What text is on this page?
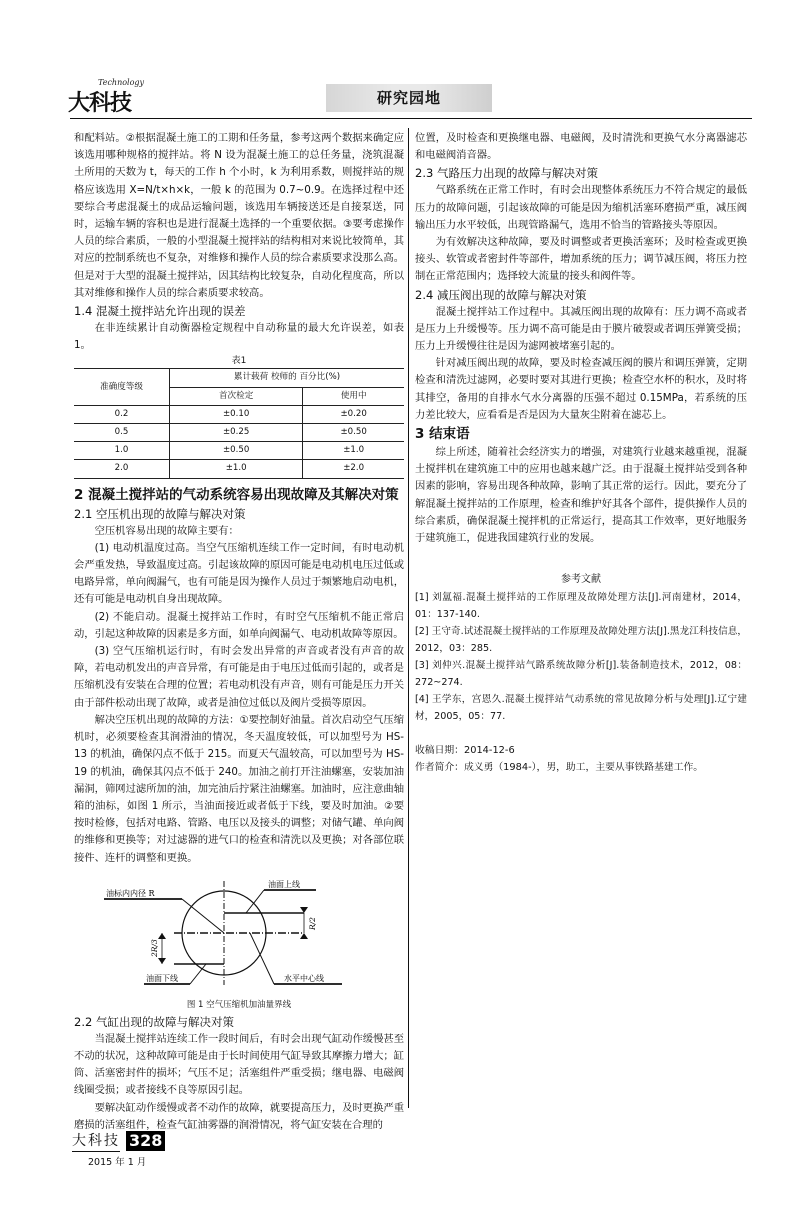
Technology
大科技	研究园地

和配料站。②根据混凝土施工的工期和任务量，参考这两个数据来确定应该选用哪种规格的搅拌站。将 N 设为混凝土施工的总任务量，浇筑混凝土所用的天数为 t，每天的工作 h 个小时，k 为利用系数，则搅拌站的规格应该选用 X=N/t×h×k，一般 k 的范围为 0.7~0.9。在选择过程中还要综合考虑混凝土的成品运输问题，该选用车辆接送还是自接泵送，同时，运输车辆的容积也是进行混凝土选择的一个重要依据。③要考虑操作人员的综合素质，一般的小型混凝土搅拌站的结构相对来说比较简单，其对应的控制系统也不复杂，对维修和操作人员的综合素质要求没那么高。但是对于大型的混凝土搅拌站，因其结构比较复杂，自动化程度高，所以其对维修和操作人员的综合素质要求较高。

1.4 混凝土搅拌站允许出现的误差

在非连续累计自动衡器检定规程中自动称量的最大允许误差，如表1。

表1
准确度等级	累计载荷 校师的 百分比(%)	
	首次检定	使用中
0.2	±0.10	±0.20
0.5	±0.25	±0.50
1.0	±0.50	±1.0
2.0	±1.0	±2.0
2 混凝土搅拌站的气动系统容易出现故障及其解决对策
2.1 空压机出现的故障与解决对策

空压机容易出现的故障主要有：

(1) 电动机温度过高。当空气压缩机连续工作一定时间，有时电动机会严重发热，导致温度过高。引起该故障的原因可能是电动机电压过低或电路异常，单向阀漏气，也有可能是因为操作人员过于频繁地启动电机，还有可能是电动机自身出现故障。

(2) 不能启动。混凝土搅拌站工作时，有时空气压缩机不能正常启动，引起这种故障的因素是多方面，如单向阀漏气、电动机故障等原因。

(3) 空气压缩机运行时，有时会发出异常的声音或者没有声音的故障，若电动机发出的声音异常，有可能是由于电压过低而引起的，或者是压缩机没有安装在合理的位置；若电动机没有声音，则有可能是压力开关由于部件松动出现了故障，或者是油位过低以及阀片受损等原因。

解决空压机出现的故障的方法：①要控制好油量。首次启动空气压缩机时，必须要检查其润滑油的情况，冬天温度较低，可以加型号为 HS-13 的机油，确保闪点不低于 215。而夏天气温较高，可以加型号为 HS-19 的机油，确保其闪点不低于 240。加油之前打开注油螺塞，安装加油漏洞，筛网过滤所加的油，加完油后拧紧注油螺塞。加油时，应注意曲轴箱的油标，如图 1 所示，当油面接近或者低于下线，要及时加油。②要按时检修，包括对电路、管路、电压以及接头的调整；对储气罐、单向阀的维修和更换等；对过滤器的进气口的检查和清洗以及更换；对各部位联接件、连杆的调整和更换。

油标内内径 R
油面上线
油面下线	水平中心线
R/2
2R/3
图 1 空气压缩机加油量界线
2.2 气缸出现的故障与解决对策

当混凝土搅拌站连续工作一段时间后，有时会出现气缸动作缓慢甚至不动的状况，这种故障可能是由于长时间使用气缸导致其摩擦力增大；缸筒、活塞密封件的损坏；气压不足；活塞组件严重受损；继电器、电磁阀线圈受损；或者接线不良等原因引起。

要解决缸动作缓慢或者不动作的故障，就要提高压力，及时更换严重磨损的活塞组件，检查气缸油雾器的润滑情况，将气缸安装在合理的

位置，及时检查和更换继电器、电磁阀，及时清洗和更换气水分离器滤芯和电磁阀消音器。

2.3 气路压力出现的故障与解决对策

气路系统在正常工作时，有时会出现整体系统压力不符合规定的最低压力的故障问题，引起该故障的可能是因为缩机活塞环磨损严重，减压阀输出压力水平较低，出现管路漏气，选用不恰当的管路接头等原因。

为有效解决这种故障，要及时调整或者更换活塞环；及时检查或更换接头、软管或者密封件等部件，增加系统的压力；调节减压阀，将压力控制在正常范围内；选择较大流量的接头和阀件等。

2.4 减压阀出现的故障与解决对策

混凝土搅拌站工作过程中。其减压阀出现的故障有：压力调不高或者是压力上升缓慢等。压力调不高可能是由于膜片破裂或者调压弹簧受损；压力上升缓慢往往是因为滤网被堵塞引起的。

针对减压阀出现的故障，要及时检查减压阀的膜片和调压弹簧，定期检查和清洗过滤网，必要时要对其进行更换；检查空水杯的积水，及时将其排空，备用的自排水气水分离器的压强不超过 0.15MPa，若系统的压力差比较大，应看看是否是因为大量灰尘附着在滤芯上。

3 结束语

综上所述，随着社会经济实力的增强，对建筑行业越来越重视，混凝土搅拌机在建筑施工中的应用也越来越广泛。由于混凝土搅拌站受到各种因素的影响，容易出现各种故障，影响了其正常的运行。因此，要充分了解混凝土搅拌站的工作原理，检查和维护好其各个部件，提供操作人员的综合素质，确保混凝土搅拌机的正常运行，提高其工作效率，更好地服务于建筑施工，促进我国建筑行业的发展。

参考文献

[1] 刘氲福.混凝土搅拌站的工作原理及故障处理方法[J].河南建材，2014，01：137-140.

[2] 王守奇.试述混凝土搅拌站的工作原理及故障处理方法[J].黑龙江科技信息，2012，03：285.

[3] 刘仲兴.混凝土搅拌站气路系统故障分析[J].装备制造技术，2012，08：272~274.

[4] 王学东，宫恩久.混凝土搅拌站气动系统的常见故障分析与处理[J].辽宁建材，2005，05：77.

收稿日期：2014-12-6

作者简介：成义勇（1984-），男，助工，主要从事铁路基建工作。

大科技 328
2015 年 1 月
